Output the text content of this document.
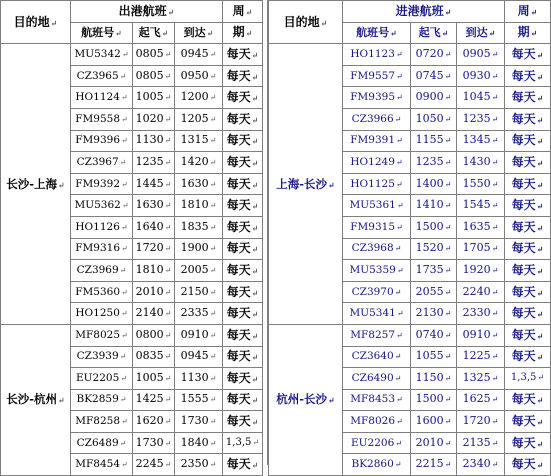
目的地↵	出港航班↵			周↵
	航班号↵	起飞↵	到达↵	期↵
长沙-上海↵	MU5342↵	0805↵	0945↵	每天↵
	CZ3965↵	0805↵	0950↵	每天↵
	HO1124↵	1005↵	1200↵	每天↵
	FM9558↵	1020↵	1205↵	每天↵
	FM9396↵	1130↵	1315↵	每天↵
	CZ3967↵	1235↵	1420↵	每天↵
	FM9392↵	1445↵	1630↵	每天↵
	MU5362↵	1630↵	1810↵	每天↵
	HO1126↵	1640↵	1835↵	每天↵
	FM9316↵	1720↵	1900↵	每天↵
	CZ3969↵	1810↵	2005↵	每天↵
	FM5360↵	2010↵	2150↵	每天↵
	HO1250↵	2140↵	2335↵	每天↵
长沙-杭州↵	MF8025↵	0800↵	0910↵	每天↵
	CZ3939↵	0835↵	0945↵	每天↵
	EU2205↵	1005↵	1130↵	每天↵
	BK2859↵	1425↵	1555↵	每天↵
	MF8258↵	1620↵	1730↵	每天↵
	CZ6489↵	1730↵	1840↵	1,3,5↵
	MF8454↵	2245↵	2350↵	每天↵
目的地↵	进港航班↵			周↵
	航班号↵	起飞↵	到达↵	期↵
上海-长沙↵	HO1123↵	0720↵	0905↵	每天↵
	FM9557↵	0745↵	0930↵	每天↵
	FM9395↵	0900↵	1045↵	每天↵
	CZ3966↵	1050↵	1235↵	每天↵
	FM9391↵	1155↵	1345↵	每天↵
	HO1249↵	1235↵	1430↵	每天↵
	HO1125↵	1400↵	1550↵	每天↵
	MU5361↵	1410↵	1545↵	每天↵
	FM9315↵	1500↵	1635↵	每天↵
	CZ3968↵	1520↵	1705↵	每天↵
	MU5359↵	1735↵	1920↵	每天↵
	CZ3970↵	2055↵	2240↵	每天↵
	MU5341↵	2130↵	2330↵	每天↵
杭州-长沙↵	MF8257↵	0740↵	0910↵	每天↵
	CZ3640↵	1055↵	1225↵	每天↵
	CZ6490↵	1150↵	1325↵	1,3,5↵
	MF8453↵	1500↵	1625↵	每天↵
	MF8026↵	1600↵	1720↵	每天↵
	EU2206↵	2010↵	2135↵	每天↵
	BK2860↵	2215↵	2340↵	每天↵
